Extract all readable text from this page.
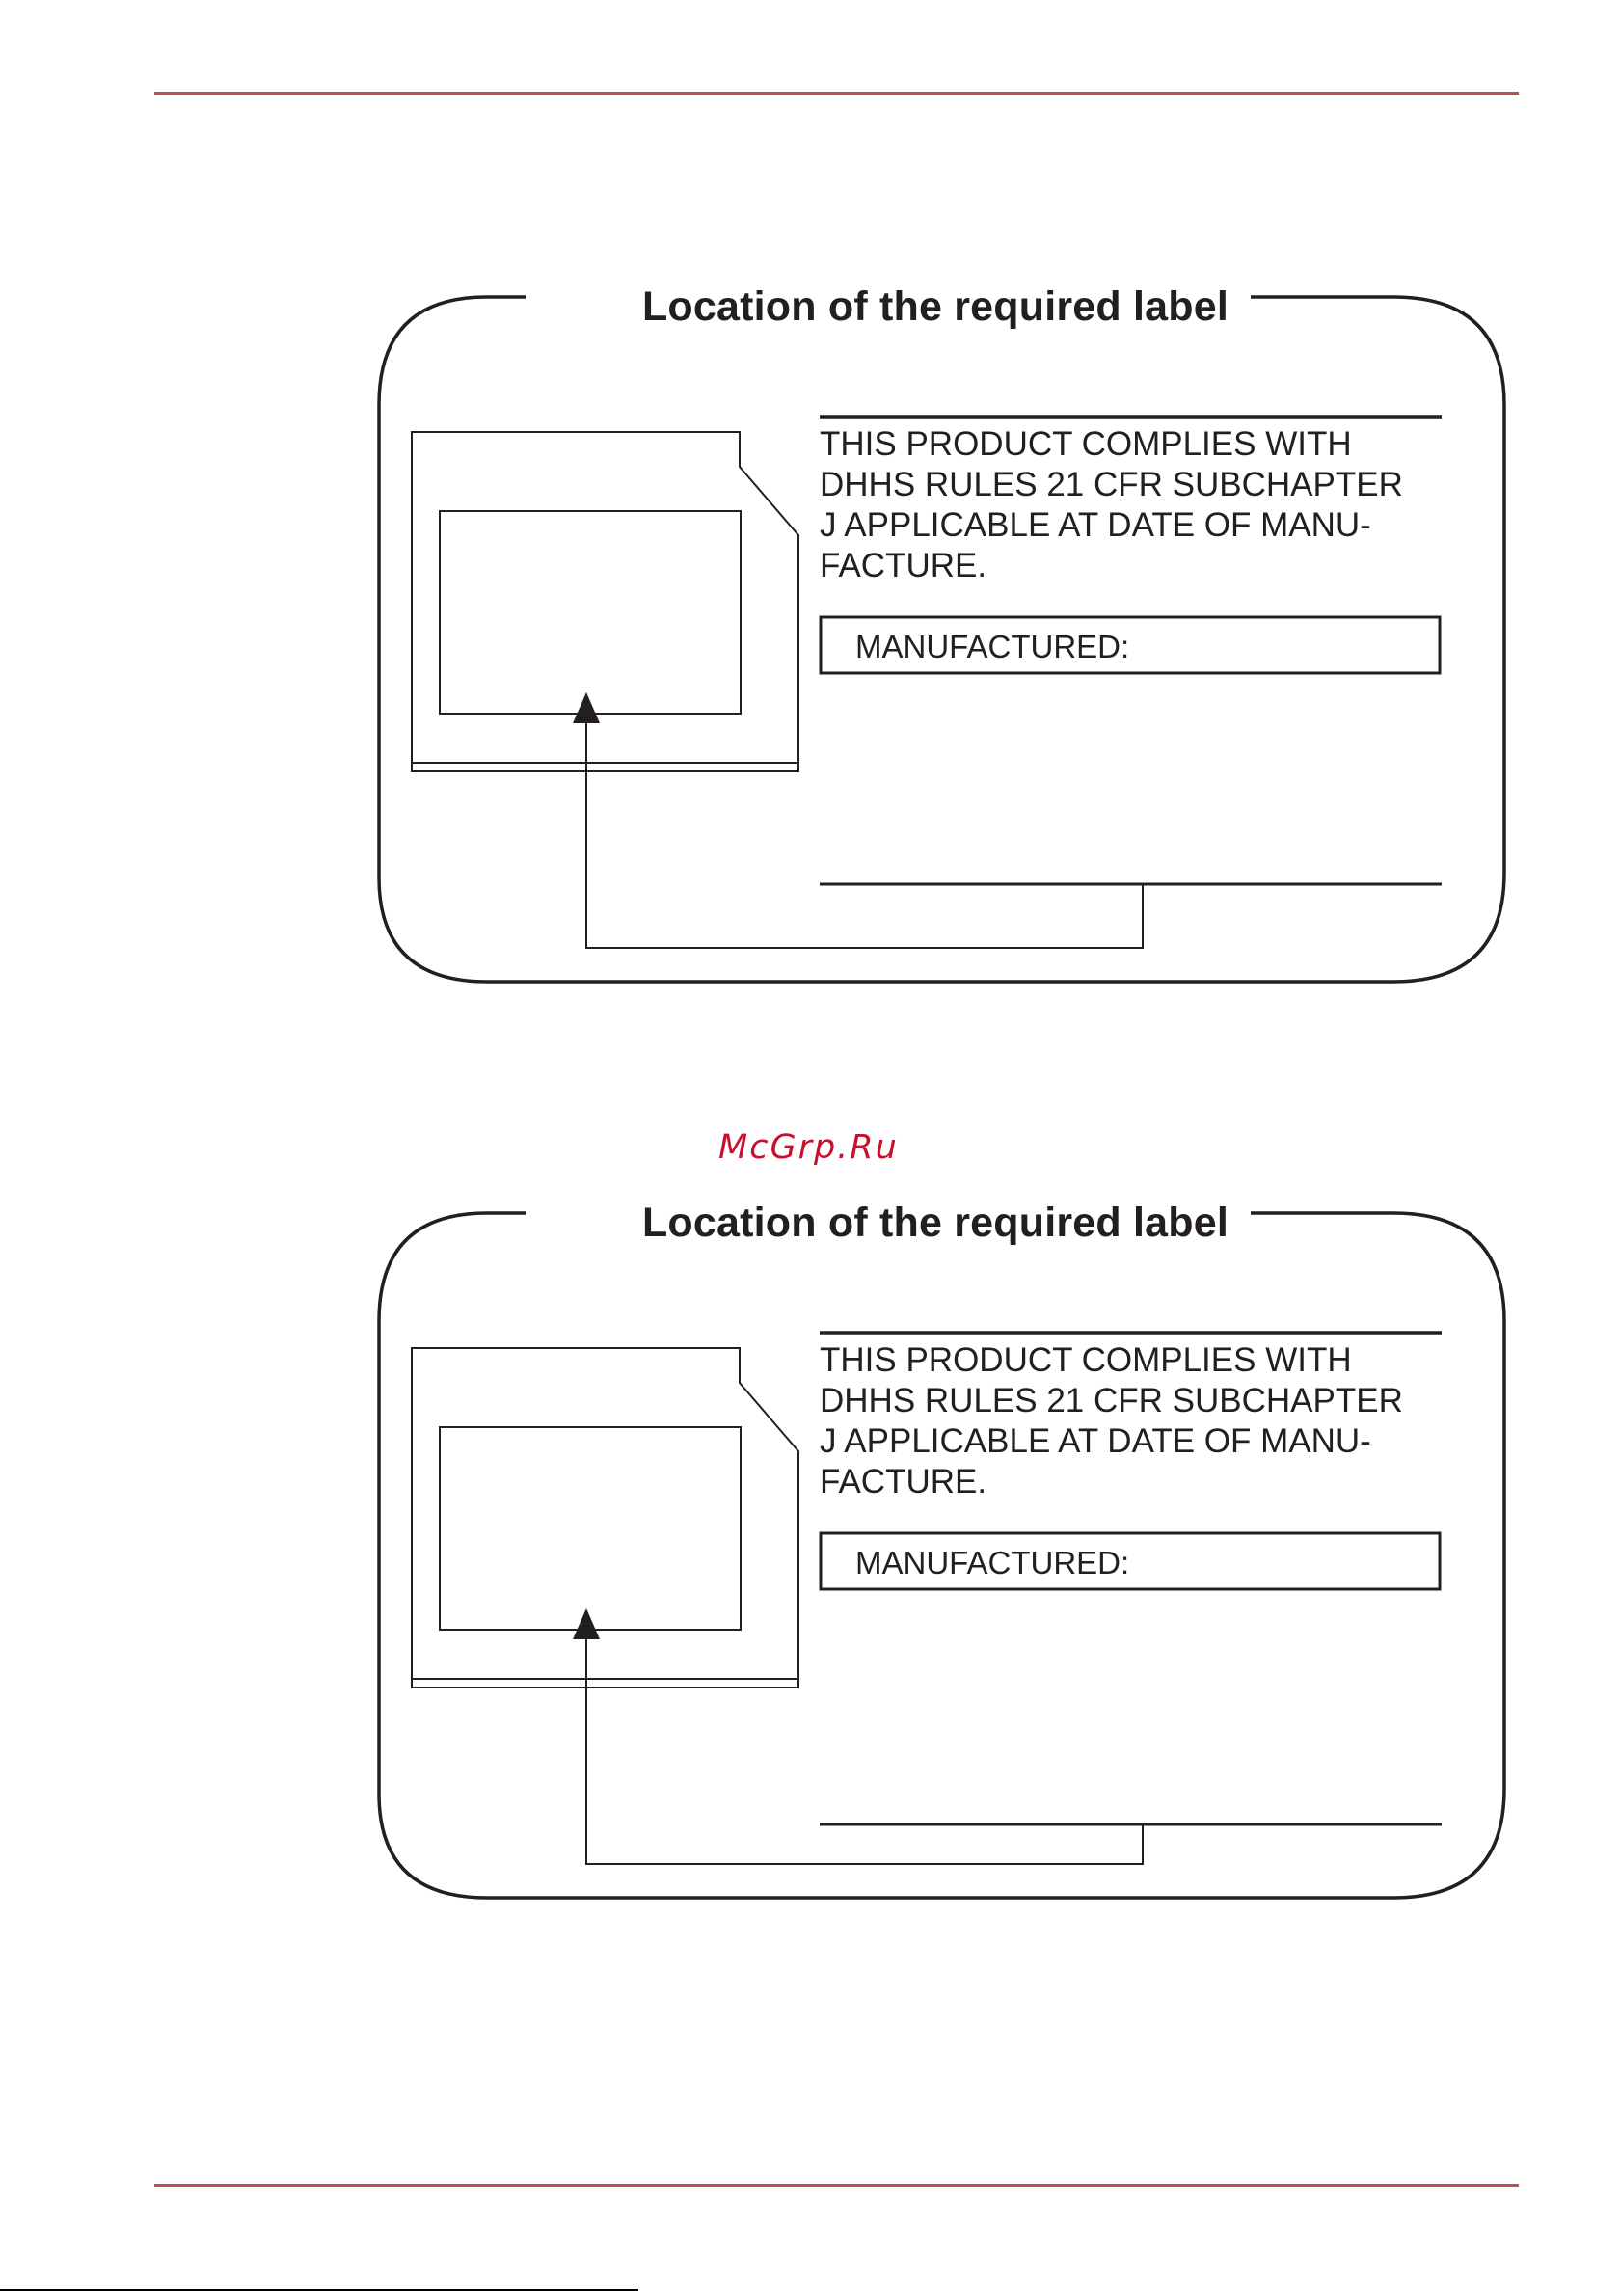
Location of the required label
THIS PRODUCT COMPLIES WITH
DHHS RULES 21 CFR SUBCHAPTER
J APPLICABLE AT DATE OF MANU-
FACTURE.
MANUFACTURED:
McGrp.Ru
Location of the required label
THIS PRODUCT COMPLIES WITH
DHHS RULES 21 CFR SUBCHAPTER
J APPLICABLE AT DATE OF MANU-
FACTURE.
MANUFACTURED:
